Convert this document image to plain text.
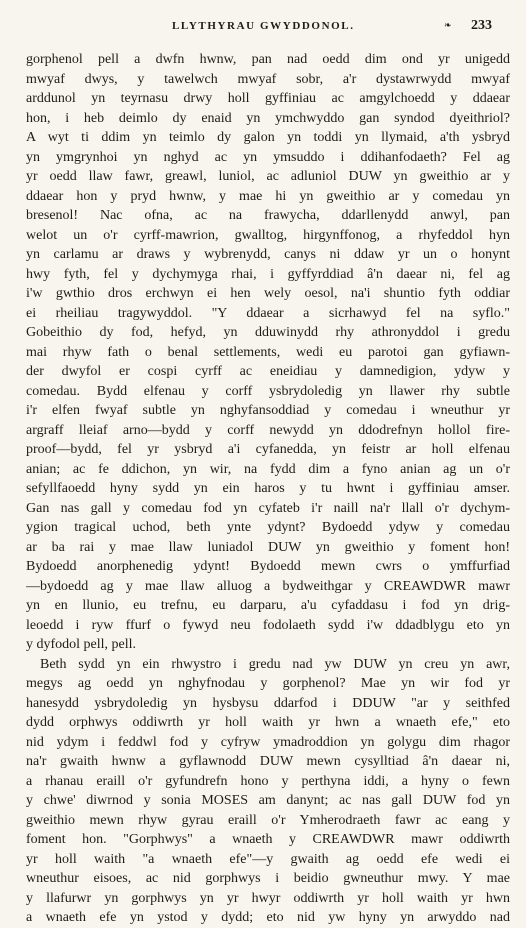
LLYTHYRAU GWYDDONOL.	❧ 233
gorphenol pell a dwfn hwnw, pan nad oedd dim ond yr unigedd
mwyaf dwys, y tawelwch mwyaf sobr, a'r dystawrwydd mwyaf
arddunol yn teyrnasu drwy holl gyffiniau ac amgylchoedd y ddaear
hon, i heb deimlo dy enaid yn ymchwyddo gan syndod dyeithriol?
A wyt ti ddim yn teimlo dy galon yn toddi yn llymaid, a'th ysbryd
yn ymgrynhoi yn nghyd ac yn ymsuddo i ddihanfodaeth? Fel ag
yr oedd llaw fawr, greawl, luniol, ac adluniol DUW yn gweithio ar y
ddaear hon y pryd hwnw, y mae hi yn gweithio ar y comedau yn
bresenol! Nac ofna, ac na frawycha, ddarllenydd anwyl, pan
welot un o'r cyrff-mawrion, gwalltog, hirgynffonog, a rhyfeddol hyn
yn carlamu ar draws y wybrenydd, canys ni ddaw yr un o honynt
hwy fyth, fel y dychymyga rhai, i gyffyrddiad â'n daear ni, fel ag
i'w gwthio dros erchwyn ei hen wely oesol, na'i shuntio fyth oddiar
ei rheiliau tragywyddol. "Y ddaear a sicrhawyd fel na syflo."
Gobeithio dy fod, hefyd, yn dduwinydd rhy athronyddol i gredu
mai rhyw fath o benal settlements, wedi eu parotoi gan gyfiawn-
der dwyfol er cospi cyrff ac eneidiau y damnedigion, ydyw y
comedau. Bydd elfenau y corff ysbrydoledig yn llawer rhy subtle
i'r elfen fwyaf subtle yn nghyfansoddiad y comedau i wneuthur yr
argraff lleiaf arno—bydd y corff newydd yn ddodrefnyn hollol fire-
proof—bydd, fel yr ysbryd a'i cyfanedda, yn feistr ar holl elfenau
anian; ac fe ddichon, yn wir, na fydd dim a fyno anian ag un o'r
sefyllfaoedd hyny sydd yn ein haros y tu hwnt i gyffiniau amser.
Gan nas gall y comedau fod yn cyfateb i'r naill na'r llall o'r dychym-
ygion tragical uchod, beth ynte ydynt? Bydoedd ydyw y comedau
ar ba rai y mae llaw luniadol DUW yn gweithio y foment hon!
Bydoedd anorphenedig ydynt! Bydoedd mewn cwrs o ymffurfiad
—bydoedd ag y mae llaw alluog a bydweithgar y CREAWDWR mawr
yn en llunio, eu trefnu, eu darparu, a'u cyfaddasu i fod yn drig-
leoedd i ryw ffurf o fywyd neu fodolaeth sydd i'w ddadblygu eto yn
y dyfodol pell, pell.
Beth sydd yn ein rhwystro i gredu nad yw DUW yn creu yn awr,
megys ag oedd yn nghyfnodau y gorphenol? Mae yn wir fod yr
hanesydd ysbrydoledig yn hysbysu ddarfod i DDUW "ar y seithfed
dydd orphwys oddiwrth yr holl waith yr hwn a wnaeth efe," eto
nid ydym i feddwl fod y cyfryw ymadroddion yn golygu dim rhagor
na'r gwaith hwnw a gyflawnodd DUW mewn cysylltiad â'n daear ni,
a rhanau eraill o'r gyfundrefn hono y perthyna iddi, a hyny o fewn
y chwe' diwrnod y sonia MOSES am danynt; ac nas gall DUW fod yn
gweithio mewn rhyw gyrau eraill o'r Ymherodraeth fawr ac eang y
foment hon. "Gorphwys" a wnaeth y CREAWDWR mawr oddiwrth
yr holl waith "a wnaeth efe"—y gwaith ag oedd efe wedi ei
wneuthur eisoes, ac nid gorphwys i beidio gwneuthur mwy. Y mae
y llafurwr yn gorphwys yn yr hwyr oddiwrth yr holl waith yr hwn
a wnaeth efe yn ystod y dydd; eto nid yw hyny yn arwyddo nad
